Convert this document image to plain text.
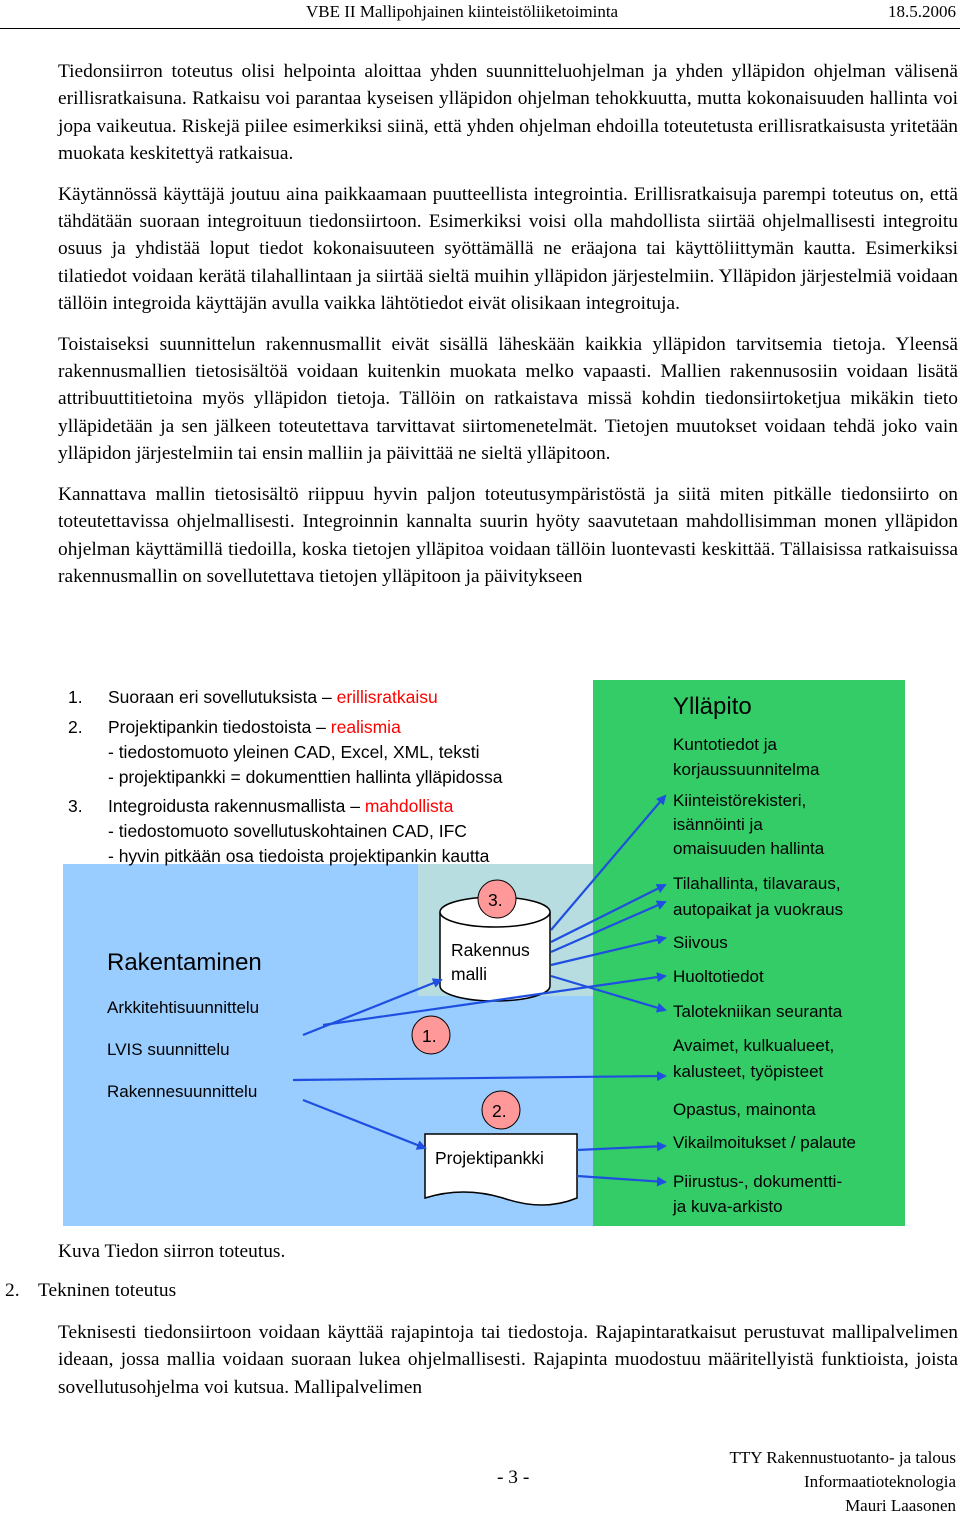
VBE II Mallipohjainen kiinteistöliiketoiminta	18.5.2006

Tiedonsiirron toteutus olisi helpointa aloittaa yhden suunnitteluohjelman ja yhden ylläpidon ohjelman välisenä erillisratkaisuna. Ratkaisu voi parantaa kyseisen ylläpidon ohjelman tehokkuutta, mutta kokonaisuuden hallinta voi jopa vaikeutua. Riskejä piilee esimerkiksi siinä, että yhden ohjelman ehdoilla toteutetusta erillisratkaisusta yritetään muokata keskitettyä ratkaisua.

Käytännössä käyttäjä joutuu aina paikkaamaan puutteellista integrointia. Erillisratkaisuja parempi toteutus on, että tähdätään suoraan integroituun tiedonsiirtoon. Esimerkiksi voisi olla mahdollista siirtää ohjelmallisesti integroitu osuus ja yhdistää loput tiedot kokonaisuuteen syöttämällä ne eräajona tai käyttöliittymän kautta. Esimerkiksi tilatiedot voidaan kerätä tilahallintaan ja siirtää sieltä muihin ylläpidon järjestelmiin. Ylläpidon järjestelmiä voidaan tällöin integroida käyttäjän avulla vaikka lähtötiedot eivät olisikaan integroituja.

Toistaiseksi suunnittelun rakennusmallit eivät sisällä läheskään kaikkia ylläpidon tarvitsemia tietoja. Yleensä rakennusmallien tietosisältöä voidaan kuitenkin muokata melko vapaasti. Mallien rakennusosiin voidaan lisätä attribuuttitietoina myös ylläpidon tietoja. Tällöin on ratkaistava missä kohdin tiedonsiirtoketjua mikäkin tieto ylläpidetään ja sen jälkeen toteutettava tarvittavat siirtomenetelmät. Tietojen muutokset voidaan tehdä joko vain ylläpidon järjestelmiin tai ensin malliin ja päivittää ne sieltä ylläpitoon.

Kannattava mallin tietosisältö riippuu hyvin paljon toteutusympäristöstä ja siitä miten pitkälle tiedonsiirto on toteutettavissa ohjelmallisesti. Integroinnin kannalta suurin hyöty saavutetaan mahdollisimman monen ylläpidon ohjelman käyttämillä tiedoilla, koska tietojen ylläpitoa voidaan tällöin luontevasti keskittää. Tällaisissa ratkaisuissa rakennusmallin on sovellutettava tietojen ylläpitoon ja päivitykseen

1. Suoraan eri sovellutuksista – erillisratkaisu
2. Projektipankin tiedostoista – realismia
- tiedostomuoto yleinen CAD, Excel, XML, teksti
- projektipankki = dokumenttien hallinta ylläpidossa
3. Integroidusta rakennusmallista – mahdollista
- tiedostomuoto sovellutuskohtainen CAD, IFC
- hyvin pitkään osa tiedoista projektipankin kautta
Rakentaminen
Arkkitehtisuunnittelu
LVIS suunnittelu
Rakennesuunnittelu
Rakennus
malli
Projektipankki
3.
1.
2.
Ylläpito
Kuntotiedot ja korjaussuunnitelma
Kiinteistörekisteri, isännöinti ja omaisuuden hallinta
Tilahallinta, tilavaraus, autopaikat ja vuokraus
Siivous
Huoltotiedot
Talotekniikan seuranta
Avaimet, kulkualueet, kalusteet, työpisteet
Opastus, mainonta
Vikailmoitukset / palaute
Piirustus-, dokumentti- ja kuva-arkisto
Kuva Tiedon siirron toteutus.
2. Tekninen toteutus

Teknisesti tiedonsiirtoon voidaan käyttää rajapintoja tai tiedostoja. Rajapintaratkaisut perustuvat mallipalvelimen ideaan, jossa mallia voidaan suoraan lukea ohjelmallisesti. Rajapinta muodostuu määritellyistä funktioista, joista sovellutusohjelma voi kutsua. Mallipalvelimen

- 3 -
TTY Rakennustuotanto- ja talous
Informaatioteknologia
Mauri Laasonen
